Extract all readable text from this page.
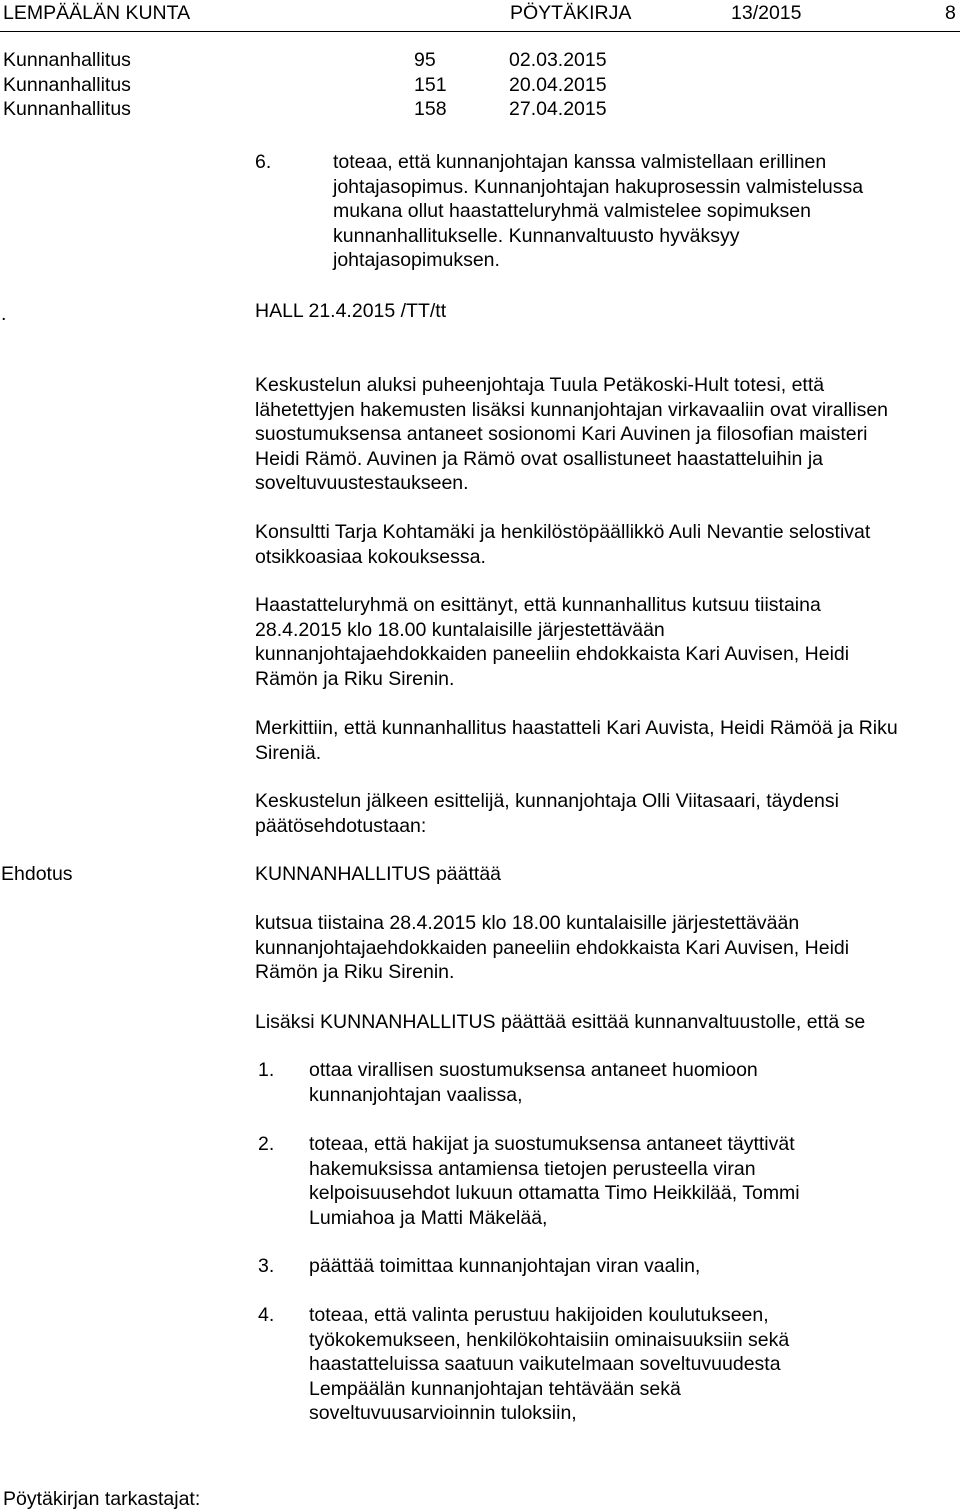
LEMPÄÄLÄN KUNTA	PÖYTÄKIRJA	13/2015	8
Kunnanhallitus	95	02.03.2015
Kunnanhallitus	151	20.04.2015
Kunnanhallitus	158	27.04.2015
6.	toteaa, että kunnanjohtajan kanssa valmistellaan erillinen
johtajasopimus. Kunnanjohtajan hakuprosessin valmistelussa
mukana ollut haastatteluryhmä valmistelee sopimuksen
kunnanhallitukselle. Kunnanvaltuusto hyväksyy
johtajasopimuksen.
HALL 21.4.2015 /TT/tt
.
Keskustelun aluksi puheenjohtaja Tuula Petäkoski-Hult totesi, että
lähetettyjen hakemusten lisäksi kunnanjohtajan virkavaaliin ovat virallisen
suostumuksensa antaneet sosionomi Kari Auvinen ja filosofian maisteri
Heidi Rämö. Auvinen ja Rämö ovat osallistuneet haastatteluihin ja
soveltuvuustestaukseen.
Konsultti Tarja Kohtamäki ja henkilöstöpäällikkö Auli Nevantie selostivat
otsikkoasiaa kokouksessa.
Haastatteluryhmä on esittänyt, että kunnanhallitus kutsuu tiistaina
28.4.2015 klo 18.00 kuntalaisille järjestettävään
kunnanjohtajaehdokkaiden paneeliin ehdokkaista Kari Auvisen, Heidi
Rämön ja Riku Sirenin.
Merkittiin, että kunnanhallitus haastatteli Kari Auvista, Heidi Rämöä ja Riku
Sireniä.
Keskustelun jälkeen esittelijä, kunnanjohtaja Olli Viitasaari, täydensi
päätösehdotustaan:
Ehdotus	KUNNANHALLITUS päättää
kutsua tiistaina 28.4.2015 klo 18.00 kuntalaisille järjestettävään
kunnanjohtajaehdokkaiden paneeliin ehdokkaista Kari Auvisen, Heidi
Rämön ja Riku Sirenin.
Lisäksi KUNNANHALLITUS päättää esittää kunnanvaltuustolle, että se
1. ottaa virallisen suostumuksensa antaneet huomioon
kunnanjohtajan vaalissa,
2. toteaa, että hakijat ja suostumuksensa antaneet täyttivät
hakemuksissa antamiensa tietojen perusteella viran
kelpoisuusehdot lukuun ottamatta Timo Heikkilää, Tommi
Lumiahoa ja Matti Mäkelää,
3. päättää toimittaa kunnanjohtajan viran vaalin,
4. toteaa, että valinta perustuu hakijoiden koulutukseen,
työkokemukseen, henkilökohtaisiin ominaisuuksiin sekä
haastatteluissa saatuun vaikutelmaan soveltuvuudesta
Lempäälän kunnanjohtajan tehtävään sekä
soveltuvuusarvioinnin tuloksiin,
Pöytäkirjan tarkastajat:
